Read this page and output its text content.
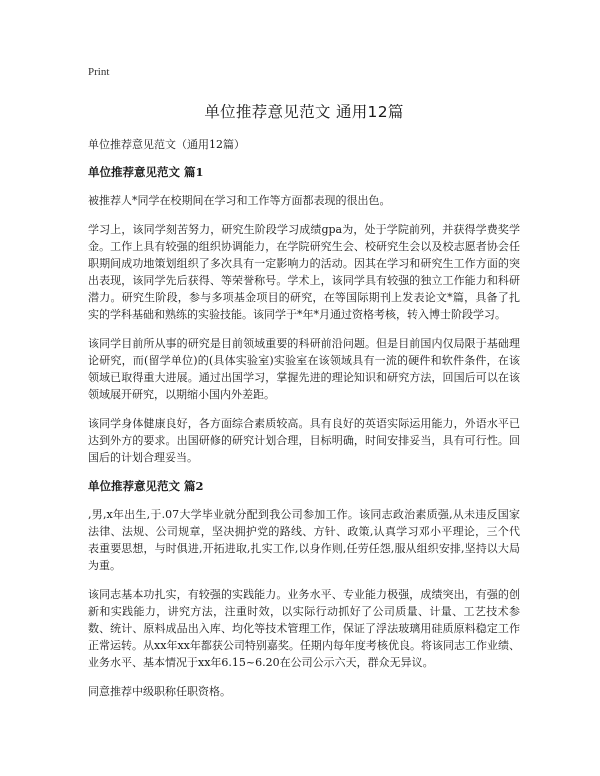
Print
单位推荐意见范文 通用12篇
单位推荐意见范文（通用12篇）
单位推荐意见范文 篇1

被推荐人*同学在校期间在学习和工作等方面都表现的很出色。

学习上，该同学刻苦努力，研究生阶段学习成绩gpa为，处于学院前列，并获得学费奖学金。工作上具有较强的组织协调能力，在学院研究生会、校研究生会以及校志愿者协会任职期间成功地策划组织了多次具有一定影响力的活动。因其在学习和研究生工作方面的突出表现，该同学先后获得、等荣誉称号。学术上，该同学具有较强的独立工作能力和科研潜力。研究生阶段，参与多项基金项目的研究，在等国际期刊上发表论文*篇，具备了扎实的学科基础和熟练的实验技能。该同学于*年*月通过资格考核，转入博士阶段学习。

该同学目前所从事的研究是目前领域重要的科研前沿问题。但是目前国内仅局限于基础理论研究，而(留学单位)的(具体实验室)实验室在该领域具有一流的硬件和软件条件，在该领域已取得重大进展。通过出国学习，掌握先进的理论知识和研究方法，回国后可以在该领域展开研究，以期缩小国内外差距。

该同学身体健康良好，各方面综合素质较高。具有良好的英语实际运用能力，外语水平已达到外方的要求。出国研修的研究计划合理，目标明确，时间安排妥当，具有可行性。回国后的计划合理妥当。

单位推荐意见范文 篇2

,男,x年出生,于.07大学毕业就分配到我公司参加工作。该同志政治素质强,从未违反国家法律、法规、公司规章，坚决拥护党的路线、方针、政策,认真学习邓小平理论，三个代表重要思想，与时俱进,开拓进取,扎实工作,以身作则,任劳任怨,服从组织安排,坚持以大局为重。

该同志基本功扎实，有较强的实践能力。业务水平、专业能力极强，成绩突出，有强的创新和实践能力，讲究方法，注重时效，以实际行动抓好了公司质量、计量、工艺技术参数、统计、原料成品出入库、均化等技术管理工作，保证了浮法玻璃用硅质原料稳定工作正常运转。从xx年xx年都获公司特别嘉奖。任期内每年度考核优良。将该同志工作业绩、业务水平、基本情况于xx年6.15~6.20在公司公示六天，群众无异议。

同意推荐中级职称任职资格。
